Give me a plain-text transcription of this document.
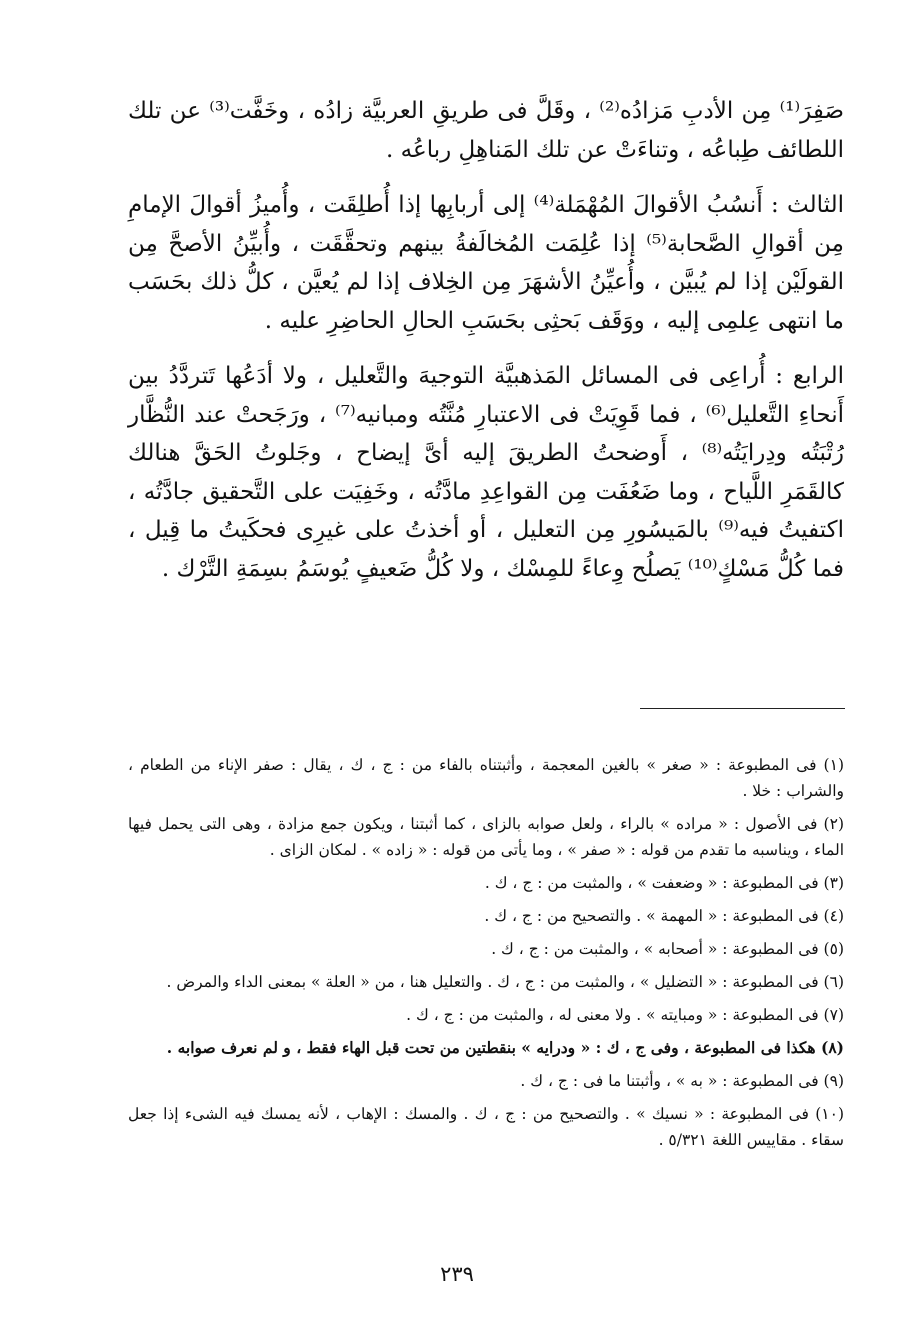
صَفِرَ⁽¹⁾ مِن الأدبِ مَزادُه⁽²⁾ ، وقَلَّ فى طريقِ العربيَّة زادُه ، وخَفَّت⁽³⁾ عن تلك اللطائف طِباعُه ، وتناءَتْ عن تلك المَناهِلِ رباعُه .

الثالث : أَنسُبُ الأقوالَ المُهْمَلة⁽⁴⁾ إلى أربابِها إذا أُطلِقَت ، وأُميزُ أقوالَ الإمامِ مِن أقوالِ الصَّحابة⁽⁵⁾ إذا عُلِمَت المُخالَفةُ بينهم وتحقَّقَت ، وأُبيِّنُ الأصحَّ مِن القولَيْن إذا لم يُبيَّن ، وأُعيِّنُ الأشهَرَ مِن الخِلاف إذا لم يُعيَّن ، كلُّ ذلك بحَسَب ما انتهى عِلمِى إليه ، ووَقَف بَحثِى بحَسَبِ الحالِ الحاضِرِ عليه .

الرابع : أُراعِى فى المسائل المَذهبيَّة التوجيهَ والتَّعليل ، ولا أدَعُها تَتردَّدُ بين أَنحاءِ التَّعليل⁽⁶⁾ ، فما قَوِيَتْ فى الاعتبارِ مُنَّتُه ومبانيه⁽⁷⁾ ، ورَجَحتْ عند النُّظَّار رُتْبَتُه ودِرايَتُه⁽⁸⁾ ، أَوضحتُ الطريقَ إليه أىَّ إيضاح ، وجَلوتُ الحَقَّ هنالك كالقَمَرِ اللَّياح ، وما ضَعُفَت مِن القواعِدِ مادَّتُه ، وخَفِيَت على التَّحقيق جادَّتُه ، اكتفيتُ فيه⁽⁹⁾ بالمَيسُورِ مِن التعليل ، أو أخذتُ على غيرِى فحكَيتُ ما قِيل ، فما كُلُّ مَسْكٍ⁽¹⁰⁾ يَصلُح وِعاءً للمِسْك ، ولا كُلُّ ضَعيفٍ يُوسَمُ بسِمَةِ التَّرْك .

(١) فى المطبوعة : « صغر » بالغين المعجمة ، وأثبتناه بالفاء من : ج ، ك ، يقال : صفر الإناء من الطعام ، والشراب : خلا .

(٢) فى الأصول : « مراده » بالراء ، ولعل صوابه بالزاى ، كما أثبتنا ، ويكون جمع مزادة ، وهى التى يحمل فيها الماء ، ويناسبه ما تقدم من قوله : « صفر » ، وما يأتى من قوله : « زاده » . لمكان الزاى .

(٣) فى المطبوعة : « وضعفت » ، والمثبت من : ج ، ك .

(٤) فى المطبوعة : « المهمة » . والتصحيح من : ج ، ك .

(٥) فى المطبوعة : « أصحابه » ، والمثبت من : ج ، ك .

(٦) فى المطبوعة : « التضليل » ، والمثبت من : ج ، ك . والتعليل هنا ، من « العلة » بمعنى الداء والمرض .

(٧) فى المطبوعة : « ومبايته » . ولا معنى له ، والمثبت من : ج ، ك .

(٨) هكذا فى المطبوعة ، وفى ج ، ك : « ودرايه » بنقطتين من تحت قبل الهاء فقط ، و لم نعرف صوابه .

(٩) فى المطبوعة : « به » ، وأثبتنا ما فى : ج ، ك .

(١٠) فى المطبوعة : « نسيك » . والتصحيح من : ج ، ك . والمسك : الإهاب ، لأنه يمسك فيه الشىء إذا جعل سقاء . مقاييس اللغة ٥/٣٢١ .

٢٣٩
